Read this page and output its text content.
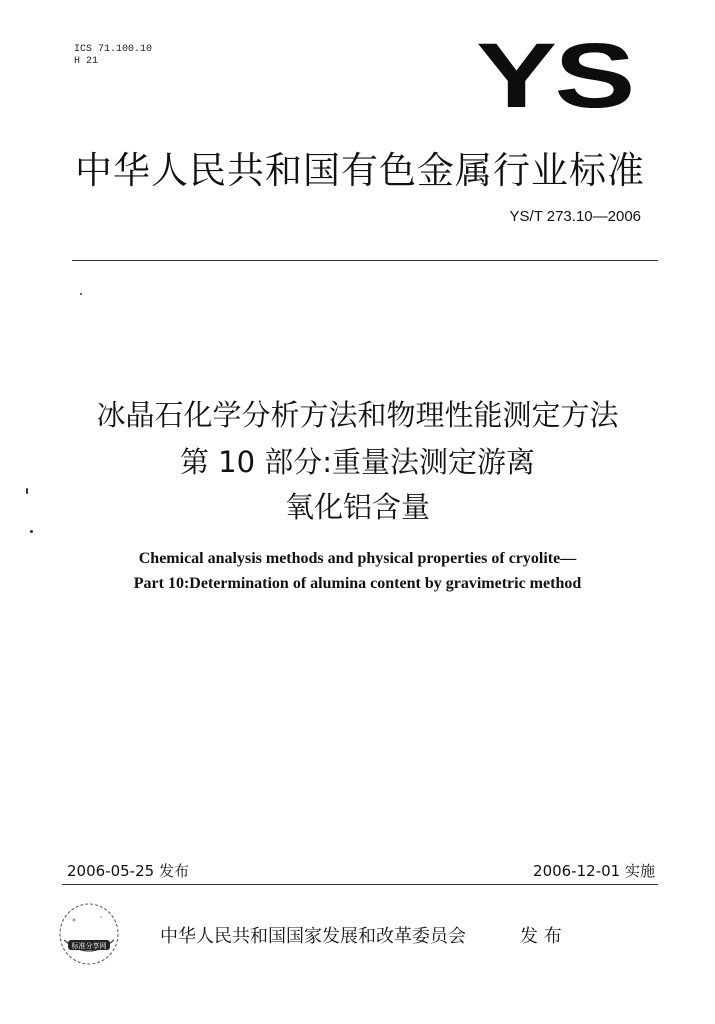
ICS 71.100.10
H 21	YS
中华人民共和国有色金属行业标准
YS/T 273.10—2006
冰晶石化学分析方法和物理性能测定方法
第 10 部分:重量法测定游离
氧化铝含量
Chemical analysis methods and physical properties of cryolite—
Part 10:Determination of alumina content by gravimetric method
2006-05-25 发布	2006-12-01 实施
标准分享网
*	'
中华人民共和国国家发展和改革委员会	发 布
